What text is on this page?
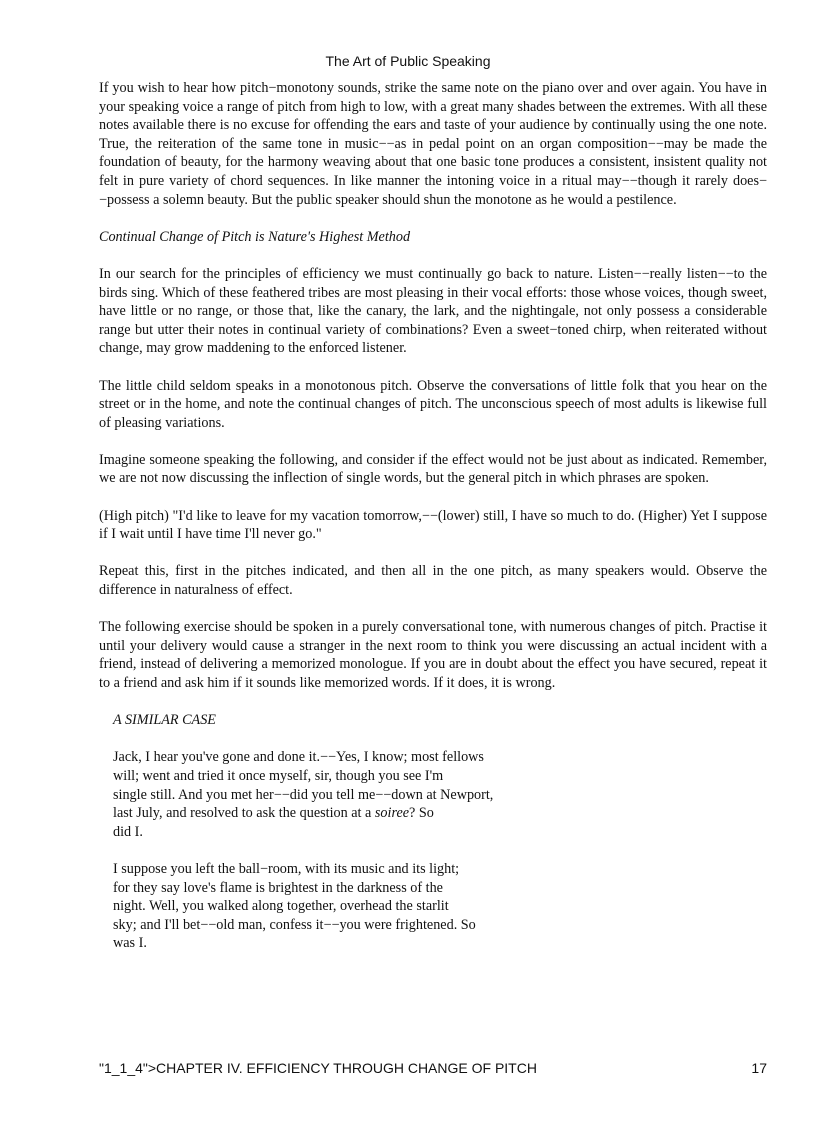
The Art of Public Speaking

If you wish to hear how pitch−monotony sounds, strike the same note on the piano over and over again. You have in your speaking voice a range of pitch from high to low, with a great many shades between the extremes. With all these notes available there is no excuse for offending the ears and taste of your audience by continually using the one note. True, the reiteration of the same tone in music−−as in pedal point on an organ composition−−may be made the foundation of beauty, for the harmony weaving about that one basic tone produces a consistent, insistent quality not felt in pure variety of chord sequences. In like manner the intoning voice in a ritual may−−though it rarely does−−possess a solemn beauty. But the public speaker should shun the monotone as he would a pestilence.

Continual Change of Pitch is Nature's Highest Method

In our search for the principles of efficiency we must continually go back to nature. Listen−−really listen−−to the birds sing. Which of these feathered tribes are most pleasing in their vocal efforts: those whose voices, though sweet, have little or no range, or those that, like the canary, the lark, and the nightingale, not only possess a considerable range but utter their notes in continual variety of combinations? Even a sweet−toned chirp, when reiterated without change, may grow maddening to the enforced listener.

The little child seldom speaks in a monotonous pitch. Observe the conversations of little folk that you hear on the street or in the home, and note the continual changes of pitch. The unconscious speech of most adults is likewise full of pleasing variations.

Imagine someone speaking the following, and consider if the effect would not be just about as indicated. Remember, we are not now discussing the inflection of single words, but the general pitch in which phrases are spoken.

(High pitch) "I'd like to leave for my vacation tomorrow,−−(lower) still, I have so much to do. (Higher) Yet I suppose if I wait until I have time I'll never go."

Repeat this, first in the pitches indicated, and then all in the one pitch, as many speakers would. Observe the difference in naturalness of effect.

The following exercise should be spoken in a purely conversational tone, with numerous changes of pitch. Practise it until your delivery would cause a stranger in the next room to think you were discussing an actual incident with a friend, instead of delivering a memorized monologue. If you are in doubt about the effect you have secured, repeat it to a friend and ask him if it sounds like memorized words. If it does, it is wrong.

A SIMILAR CASE
Jack, I hear you've gone and done it.−−Yes, I know; most fellows
will; went and tried it once myself, sir, though you see I'm
single still. And you met her−−did you tell me−−down at Newport,
last July, and resolved to ask the question at a soiree? So
did I.
I suppose you left the ball−room, with its music and its light;
for they say love's flame is brightest in the darkness of the
night. Well, you walked along together, overhead the starlit
sky; and I'll bet−−old man, confess it−−you were frightened. So
was I.
"1_1_4">CHAPTER IV. EFFICIENCY THROUGH CHANGE OF PITCH	17
